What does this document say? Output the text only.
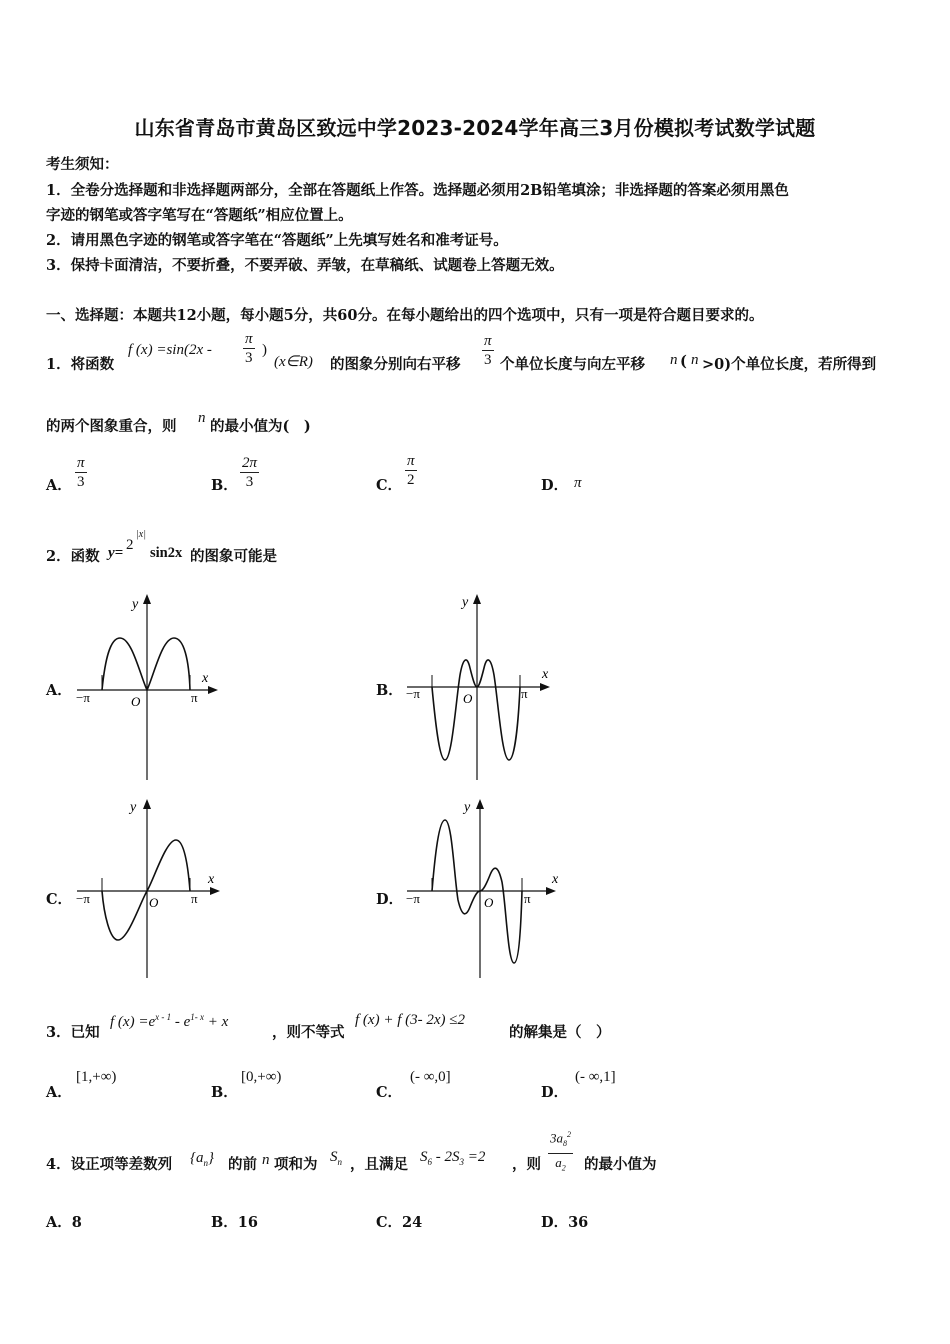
山东省青岛市黄岛区致远中学2023-2024学年高三3月份模拟考试数学试题
考生须知：
1．全卷分选择题和非选择题两部分，全部在答题纸上作答。选择题必须用2B铅笔填涂；非选择题的答案必须用黑色
字迹的钢笔或答字笔写在“答题纸”相应位置上。
2．请用黑色字迹的钢笔或答字笔在“答题纸”上先填写姓名和准考证号。
3．保持卡面清洁，不要折叠，不要弄破、弄皱，在草稿纸、试题卷上答题无效。
一、选择题：本题共12小题，每小题5分，共60分。在每小题给出的四个选项中，只有一项是符合题目要求的。
1．将函数
f $(x) =\sin(2x - \frac{\pi}{3}$ )
(x∈R) 的图象分别向右平移 $\frac{\pi}{3}$ 个单位长度与向左平移 n ( n >0)个单位长度，若所得到
的两个图象重合，则 n 的最小值为(　)
A． $\frac{\pi}{3}$	B． $\frac{2\pi}{3}$	C． $\frac{\pi}{2}$	D． π
2．函数 y= 2
|x|
sin2x 的图象可能是
A．	B．
C．	D．
−π	π
O
y
x
−π	π
O
y
x
−π	π
O
y
x
−π	π
O
y
x
3．已知
f $(x) =e^{x - 1} - e^{1- x} + x$
，则不等式
f (x) + f (3- 2x) ≤2
的解集是（　）
A．
[1,+∞)
B．
[0,+∞)
C．
(- ∞,0]
D．
(- ∞,1]
4．设正项等差数列 $\{a_n\}$ 的前 n 项和为 $S_n$ ，且满足 $S_6 - 2S_3 =2$ ，则 $\frac{3a_8^2}{a_2}$ 的最小值为
A．8	B．16	C．24	D．36
